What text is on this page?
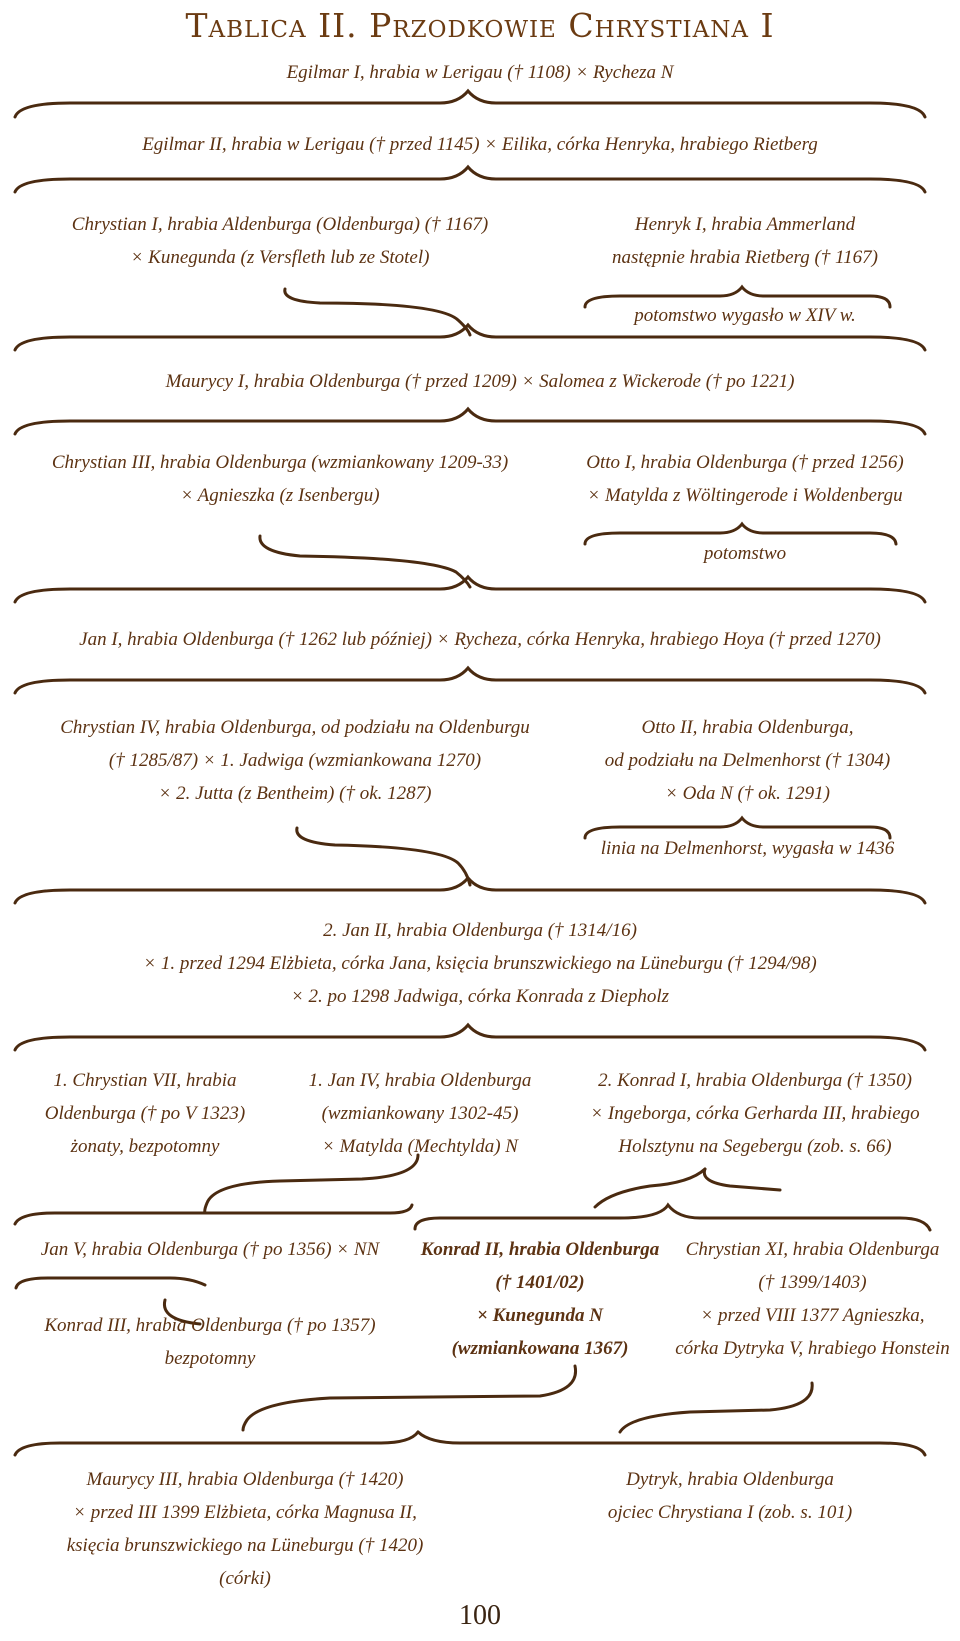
Tablica II. Przodkowie Chrystiana I
Egilmar I, hrabia w Lerigau († 1108) × Rycheza N
Egilmar II, hrabia w Lerigau († przed 1145) × Eilika, córka Henryka, hrabiego Rietberg
Chrystian I, hrabia Aldenburga (Oldenburga) († 1167)
× Kunegunda (z Versfleth lub ze Stotel)
Henryk I, hrabia Ammerland
następnie hrabia Rietberg († 1167)
potomstwo wygasło w XIV w.
Maurycy I, hrabia Oldenburga († przed 1209) × Salomea z Wickerode († po 1221)
Chrystian III, hrabia Oldenburga (wzmiankowany 1209-33)
× Agnieszka (z Isenbergu)
Otto I, hrabia Oldenburga († przed 1256)
× Matylda z Wöltingerode i Woldenbergu
potomstwo
Jan I, hrabia Oldenburga († 1262 lub później) × Rycheza, córka Henryka, hrabiego Hoya († przed 1270)
Chrystian IV, hrabia Oldenburga, od podziału na Oldenburgu
(† 1285/87) × 1. Jadwiga (wzmiankowana 1270)
× 2. Jutta (z Bentheim) († ok. 1287)
Otto II, hrabia Oldenburga,
od podziału na Delmenhorst († 1304)
× Oda N († ok. 1291)
linia na Delmenhorst, wygasła w 1436
2. Jan II, hrabia Oldenburga († 1314/16)
× 1. przed 1294 Elżbieta, córka Jana, księcia brunszwickiego na Lüneburgu († 1294/98)
× 2. po 1298 Jadwiga, córka Konrada z Diepholz
1. Chrystian VII, hrabia
Oldenburga († po V 1323)
żonaty, bezpotomny
1. Jan IV, hrabia Oldenburga
(wzmiankowany 1302-45)
× Matylda (Mechtylda) N
2. Konrad I, hrabia Oldenburga († 1350)
× Ingeborga, córka Gerharda III, hrabiego
Holsztynu na Segebergu (zob. s. 66)
Jan V, hrabia Oldenburga († po 1356) × NN
Konrad III, hrabia Oldenburga († po 1357)
bezpotomny
Konrad II, hrabia Oldenburga
(† 1401/02)
× Kunegunda N
(wzmiankowana 1367)
Chrystian XI, hrabia Oldenburga
(† 1399/1403)
× przed VIII 1377 Agnieszka,
córka Dytryka V, hrabiego Honstein
Maurycy III, hrabia Oldenburga († 1420)
× przed III 1399 Elżbieta, córka Magnusa II,
księcia brunszwickiego na Lüneburgu († 1420)
(córki)
Dytryk, hrabia Oldenburga
ojciec Chrystiana I (zob. s. 101)
100
